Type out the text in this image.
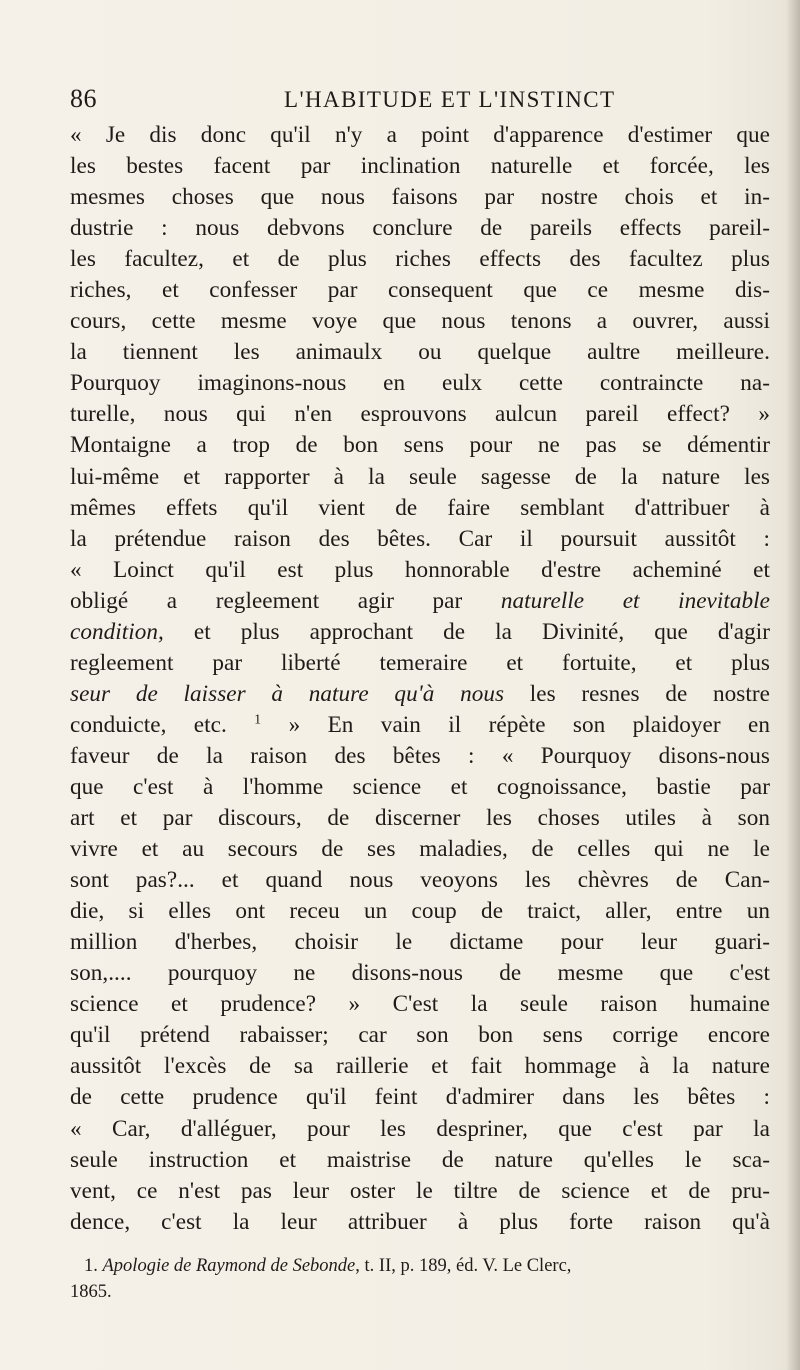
86	L'HABITUDE ET L'INSTINCT
« Je dis donc qu'il n'y a point d'apparence d'estimer que
les bestes facent par inclination naturelle et forcée, les
mesmes choses que nous faisons par nostre chois et in-
dustrie : nous debvons conclure de pareils effects pareil-
les facultez, et de plus riches effects des facultez plus
riches, et confesser par consequent que ce mesme dis-
cours, cette mesme voye que nous tenons a ouvrer, aussi
la tiennent les animaulx ou quelque aultre meilleure.
Pourquoy imaginons-nous en eulx cette contraincte na-
turelle, nous qui n'en esprouvons aulcun pareil effect? »
Montaigne a trop de bon sens pour ne pas se démentir
lui-même et rapporter à la seule sagesse de la nature les
mêmes effets qu'il vient de faire semblant d'attribuer à
la prétendue raison des bêtes. Car il poursuit aussitôt :
« Loinct qu'il est plus honnorable d'estre acheminé et
obligé a regleement agir par naturelle et inevitable
condition, et plus approchant de la Divinité, que d'agir
regleement par liberté temeraire et fortuite, et plus
seur de laisser à nature qu'à nous les resnes de nostre
conduicte, etc. $^1$ » En vain il répète son plaidoyer en
faveur de la raison des bêtes : « Pourquoy disons-nous
que c'est à l'homme science et cognoissance, bastie par
art et par discours, de discerner les choses utiles à son
vivre et au secours de ses maladies, de celles qui ne le
sont pas?... et quand nous veoyons les chèvres de Can-
die, si elles ont receu un coup de traict, aller, entre un
million d'herbes, choisir le dictame pour leur guari-
son,.... pourquoy ne disons-nous de mesme que c'est
science et prudence? » C'est la seule raison humaine
qu'il prétend rabaisser; car son bon sens corrige encore
aussitôt l'excès de sa raillerie et fait hommage à la nature
de cette prudence qu'il feint d'admirer dans les bêtes :
« Car, d'alléguer, pour les despriner, que c'est par la
seule instruction et maistrise de nature qu'elles le sca-
vent, ce n'est pas leur oster le tiltre de science et de pru-
dence, c'est la leur attribuer à plus forte raison qu'à
1. Apologie de Raymond de Sebonde, t. II, p. 189, éd. V. Le Clerc,
1865.
